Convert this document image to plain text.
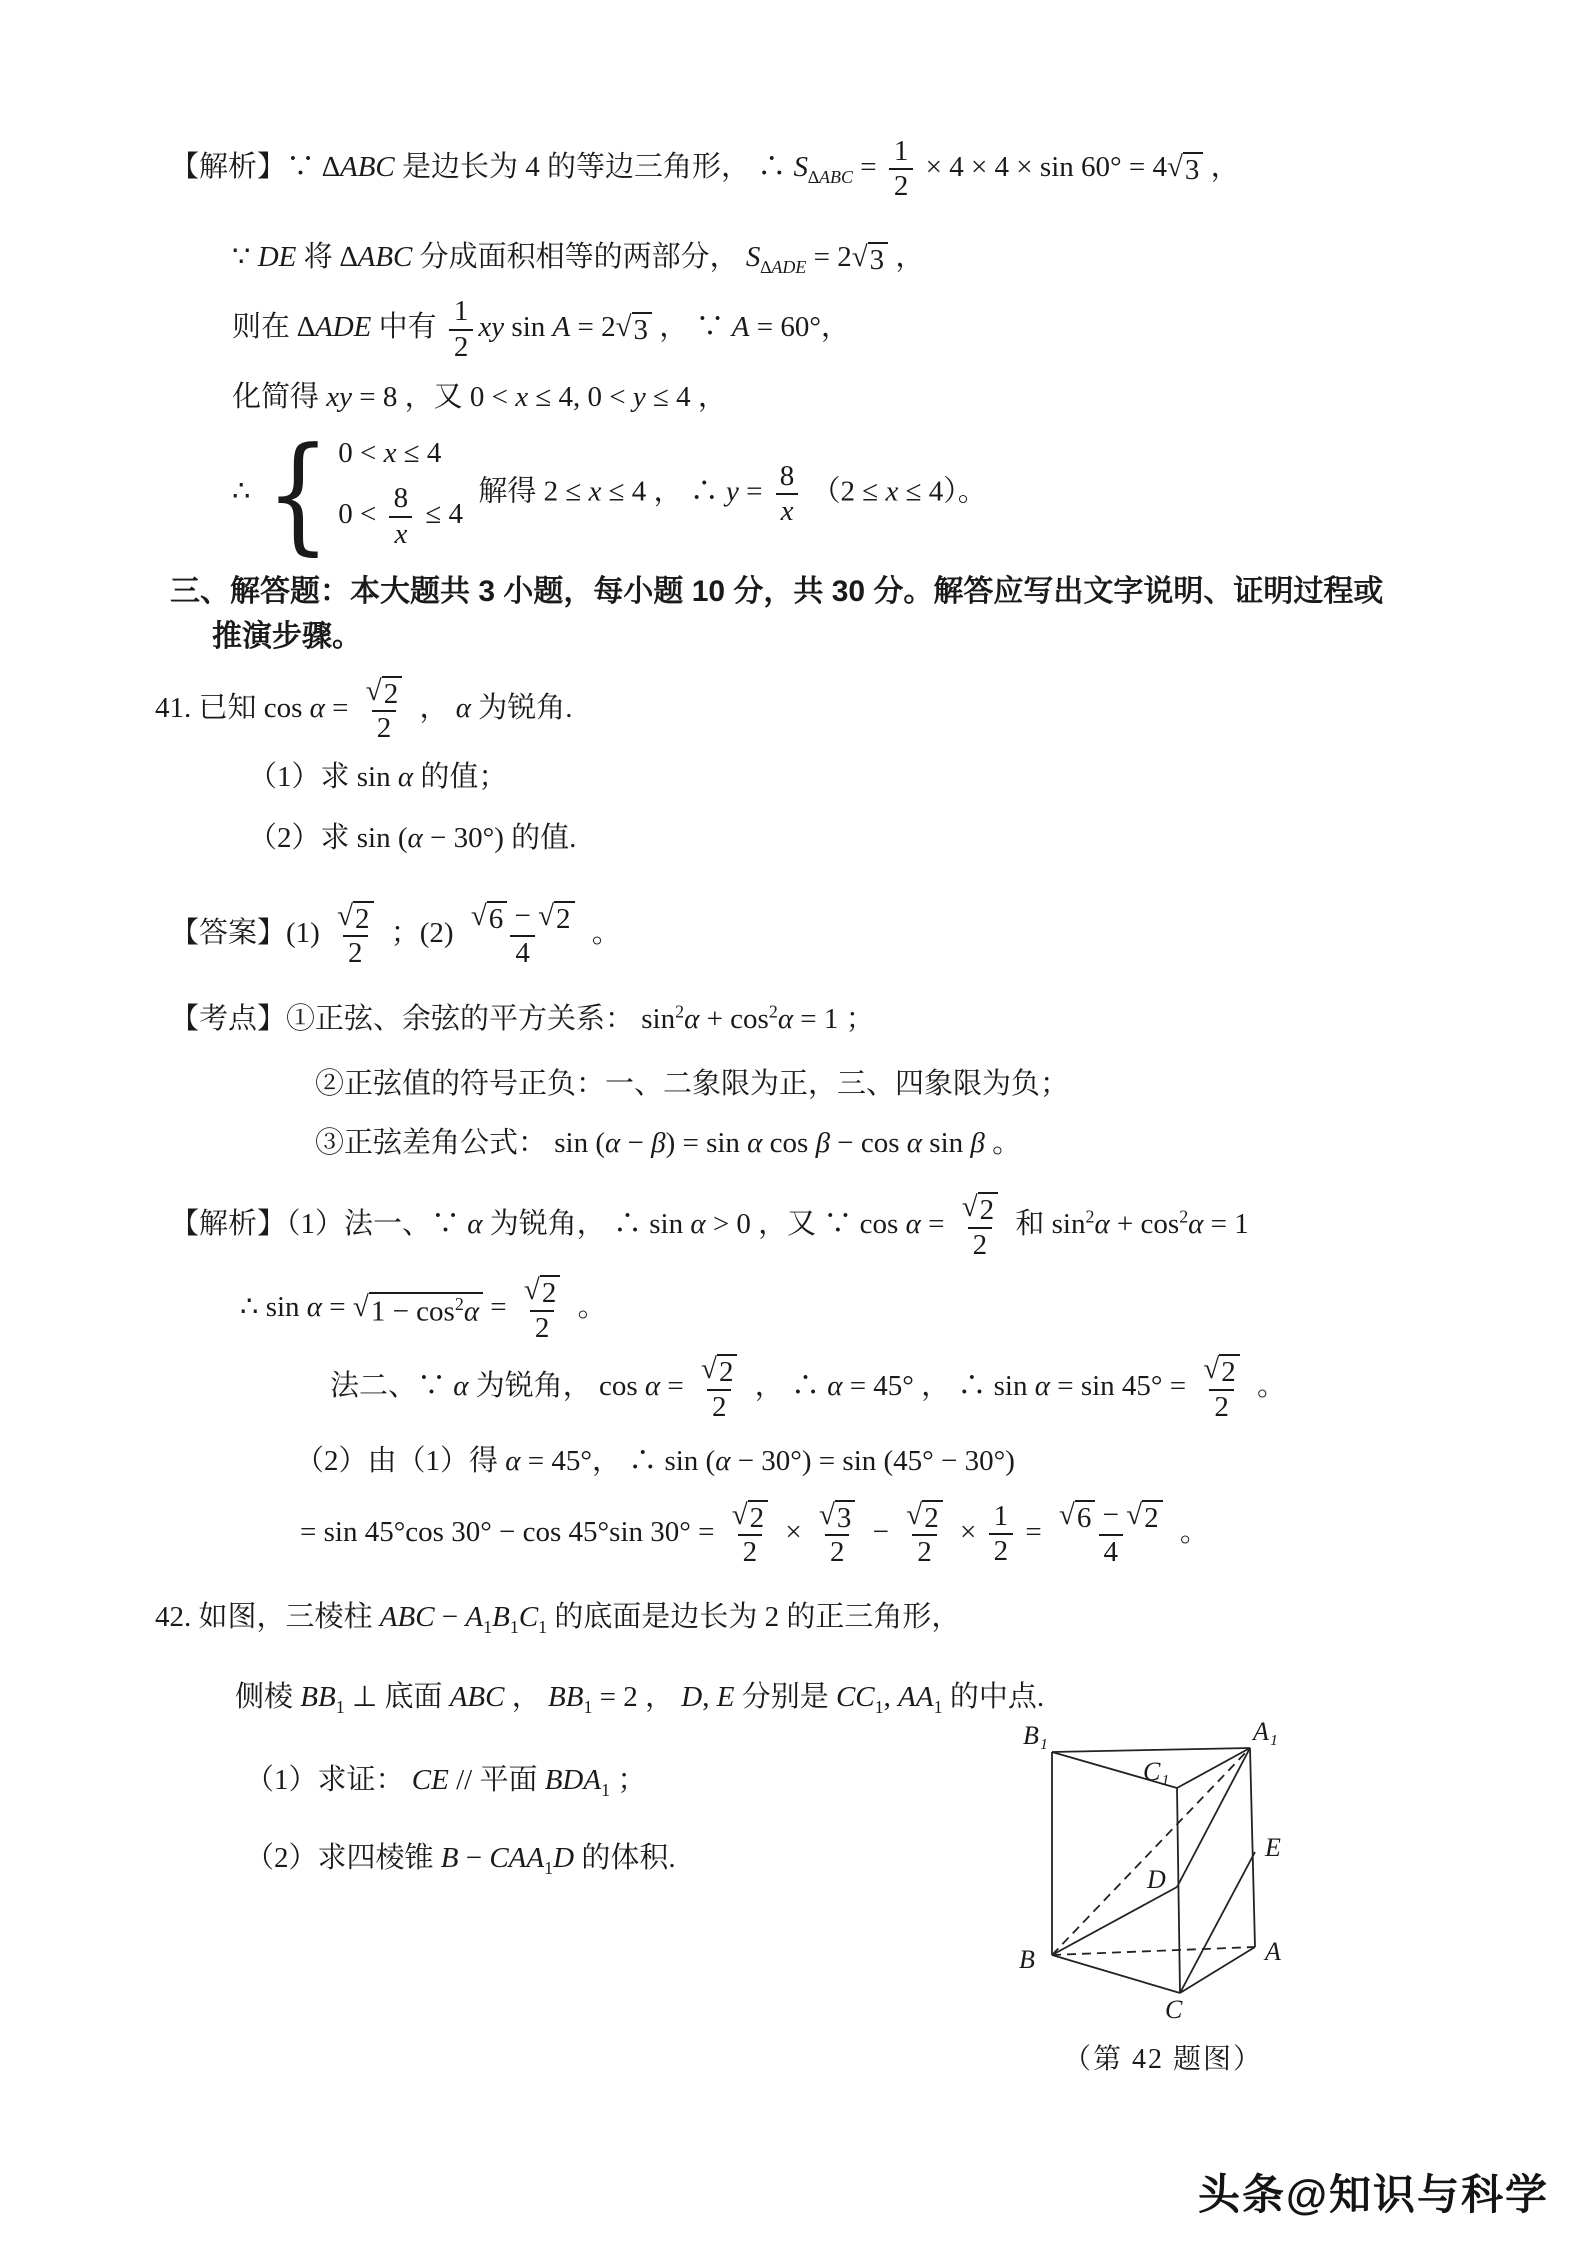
【解析】∵ ∆ABC 是边长为 4 的等边三角形， ∴ $S_{\Delta ABC} = \frac{1}{2} \times 4 \times 4 \times \sin 60^\circ = 4$ √ 3 ，
∵ DE 将 ∆ABC 分成面积相等的两部分， $S_{\Delta ADE} = 2$ √ 3 ，
则在 ∆ADE 中有 $\frac{1}{2}$ xy sin A = 2 √ 3 ， ∵ A = 60°，
化简得 xy = 8 ，又 0 < x ≤ 4, 0 < y ≤ 4 ，
∴ { 0 < x ≤ 4
$0 < \frac{8}{x} \le 4$
解得 2 ≤ x ≤ 4 ， ∴ $y = \frac{8}{x} (2 \le x \le 4)$。
三、解答题：本大题共 3 小题，每小题 10 分，共 30 分。解答应写出文字说明、证明过程或
推演步骤。
41. 已知 $\cos \alpha = \frac{√ 2}{2}$ ， α 为锐角.
（1）求 sin α 的值；
（2）求 sin (α − 30°) 的值.
【答案】$(1) \frac{√ 2}{2}$ ；$(2) \frac{√ 6 - √ 2}{4}$ 。
【考点】①正弦、余弦的平方关系： $\sin^2\alpha + \cos^2\alpha = 1$ ；
②正弦值的符号正负：一、二象限为正，三、四象限为负；
③正弦差角公式： sin (α − β) = sin α cos β − cos α sin β 。
【解析】（1）法一、∵ α 为锐角， ∴ sin α > 0 ，又 ∵ $\cos \alpha = \frac{√ 2}{2}$ 和 $\sin^2\alpha + \cos^2\alpha = 1$
∴ sin α = √ $1 - \cos^2\alpha = \frac{√ 2}{2}$ 。
法二、∵ α 为锐角， $\cos \alpha = \frac{√ 2}{2}$ ， ∴ α = 45° ， ∴ $\sin \alpha = \sin 45^\circ = \frac{√ 2}{2}$ 。
（2）由（1）得 α = 45°， ∴ sin (α − 30°) = sin (45° − 30°)
= sin 45°cos 30° − cos 45°sin $30^\circ = \frac{√ 2}{2} \times \frac{√ 3}{2} - \frac{√ 2}{2} \times \frac{1}{2} = \frac{√ 6 - √ 2}{4}$ 。
42. 如图，三棱柱 ABC − $A_1B_1C_1$ 的底面是边长为 2 的正三角形，
侧棱 $BB_1$ ⊥ 底面 ABC ， $BB_1 = 2$ ， D, E 分别是 $CC_1$, $AA_1$ 的中点.
（1）求证： CE // 平面 $BDA_1$ ；
（2）求四棱锥 $B - CAA_1D$ 的体积.
B₁	A₁
C₁
E
D
B	A
C
（第 42 题图）
头条@知识与科学
